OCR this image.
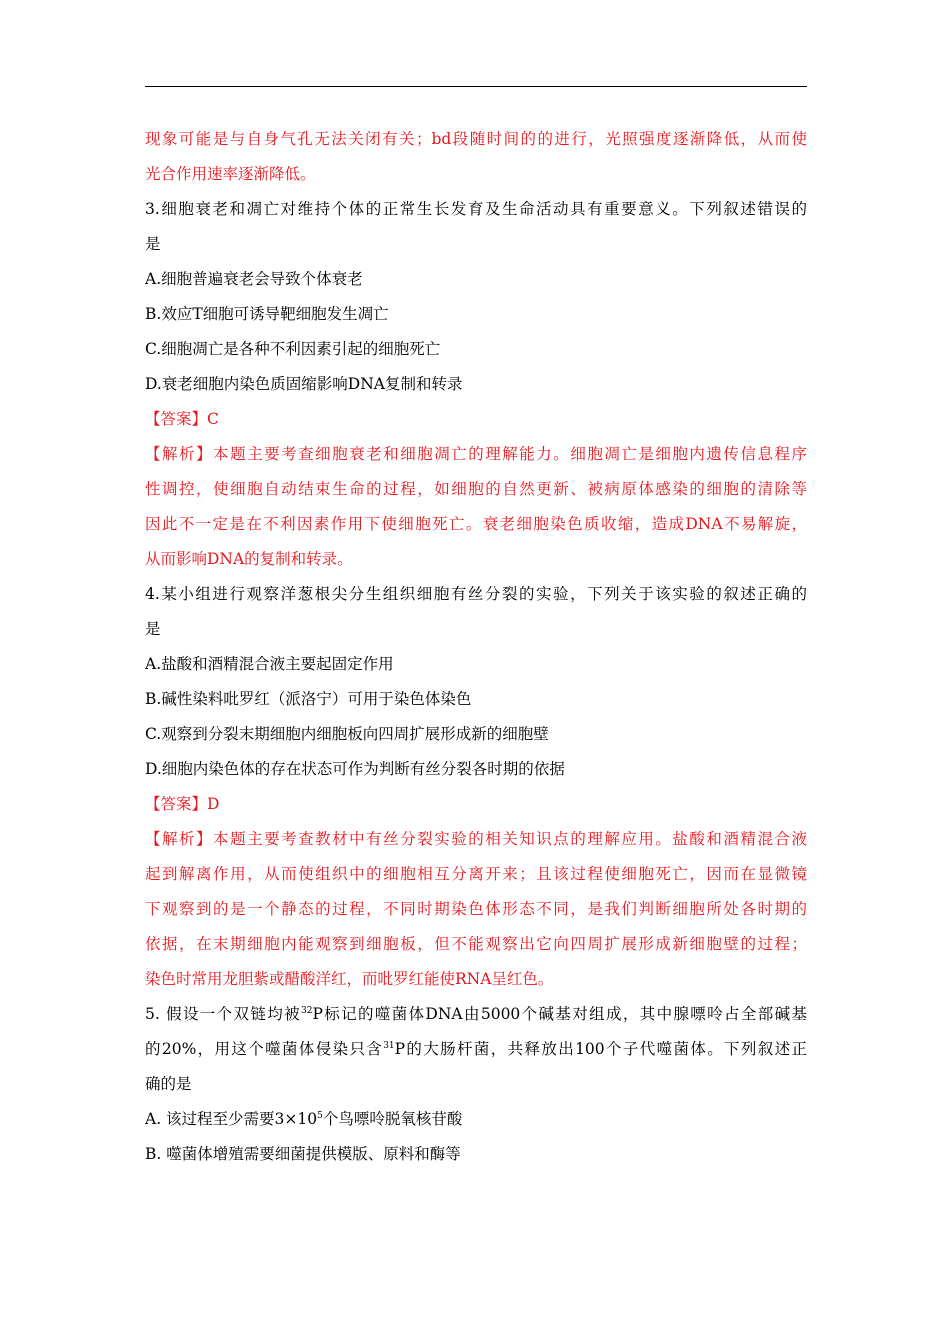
现象可能是与自身气孔无法关闭有关；bd段随时间的的进行，光照强度逐渐降低，从而使
光合作用速率逐渐降低。
3.细胞衰老和凋亡对维持个体的正常生长发育及生命活动具有重要意义。下列叙述错误的
是
A.细胞普遍衰老会导致个体衰老
B.效应T细胞可诱导靶细胞发生凋亡
C.细胞凋亡是各种不利因素引起的细胞死亡
D.衰老细胞内染色质固缩影响DNA复制和转录
【答案】C
【解析】本题主要考查细胞衰老和细胞凋亡的理解能力。细胞凋亡是细胞内遗传信息程序
性调控，使细胞自动结束生命的过程，如细胞的自然更新、被病原体感染的细胞的清除等
因此不一定是在不利因素作用下使细胞死亡。衰老细胞染色质收缩，造成DNA不易解旋，
从而影响DNA的复制和转录。
4.某小组进行观察洋葱根尖分生组织细胞有丝分裂的实验，下列关于该实验的叙述正确的
是
A.盐酸和酒精混合液主要起固定作用
B.碱性染料吡罗红（派洛宁）可用于染色体染色
C.观察到分裂末期细胞内细胞板向四周扩展形成新的细胞壁
D.细胞内染色体的存在状态可作为判断有丝分裂各时期的依据
【答案】D
【解析】本题主要考查教材中有丝分裂实验的相关知识点的理解应用。盐酸和酒精混合液
起到解离作用，从而使组织中的细胞相互分离开来；且该过程使细胞死亡，因而在显微镜
下观察到的是一个静态的过程，不同时期染色体形态不同，是我们判断细胞所处各时期的
依据，在末期细胞内能观察到细胞板，但不能观察出它向四周扩展形成新细胞壁的过程；
染色时常用龙胆紫或醋酸洋红，而吡罗红能使RNA呈红色。
5. 假设一个双链均被$^{32}$P标记的噬菌体DNA由5000个碱基对组成，其中腺嘌呤占全部碱基
的20%，用这个噬菌体侵染只含$^{31}$P的大肠杆菌，共释放出100个子代噬菌体。下列叙述正
确的是
A. 该过程至少需要$3\times 10^5$个鸟嘌呤脱氧核苷酸
B. 噬菌体增殖需要细菌提供模版、原料和酶等
